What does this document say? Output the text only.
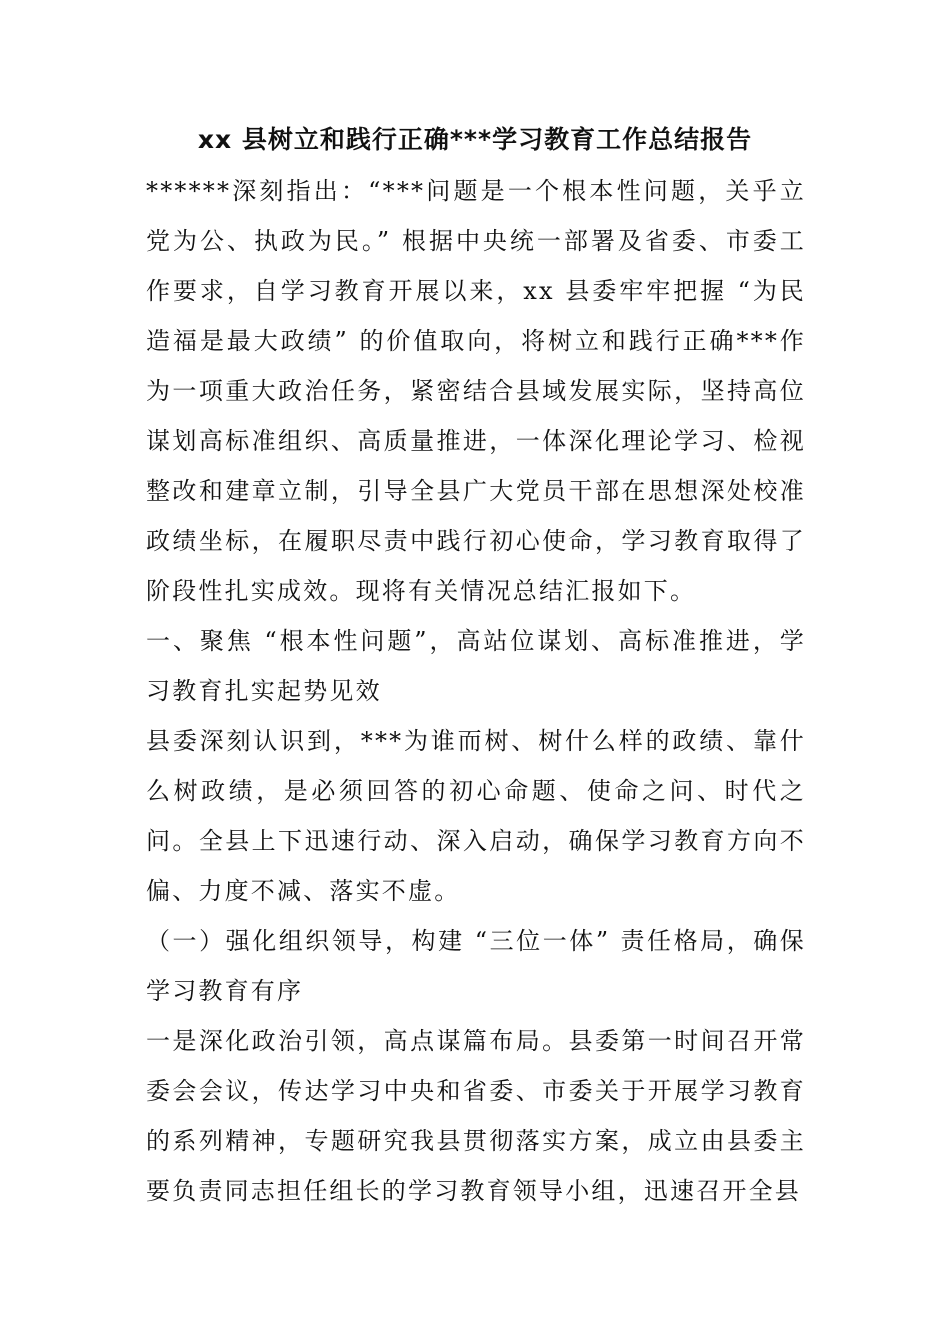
xx 县树立和践行正确***学习教育工作总结报告

******深刻指出：“***问题是一个根本性问题，关乎立党为公、执政为民。” 根据中央统一部署及省委、市委工作要求，自学习教育开展以来，xx 县委牢牢把握 “为民造福是最大政绩” 的价值取向，将树立和践行正确***作为一项重大政治任务，紧密结合县域发展实际，坚持高位谋划高标准组织、高质量推进，一体深化理论学习、检视整改和建章立制，引导全县广大党员干部在思想深处校准政绩坐标，在履职尽责中践行初心使命，学习教育取得了阶段性扎实成效。现将有关情况总结汇报如下。

一、聚焦 “根本性问题”，高站位谋划、高标准推进，学习教育扎实起势见效

县委深刻认识到，***为谁而树、树什么样的政绩、靠什么树政绩，是必须回答的初心命题、使命之问、时代之问。全县上下迅速行动、深入启动，确保学习教育方向不偏、力度不减、落实不虚。

（一）强化组织领导，构建 “三位一体” 责任格局，确保学习教育有序

一是深化政治引领，高点谋篇布局。县委第一时间召开常委会会议，传达学习中央和省委、市委关于开展学习教育的系列精神，专题研究我县贯彻落实方案，成立由县委主要负责同志担任组长的学习教育领导小组，迅速召开全县
